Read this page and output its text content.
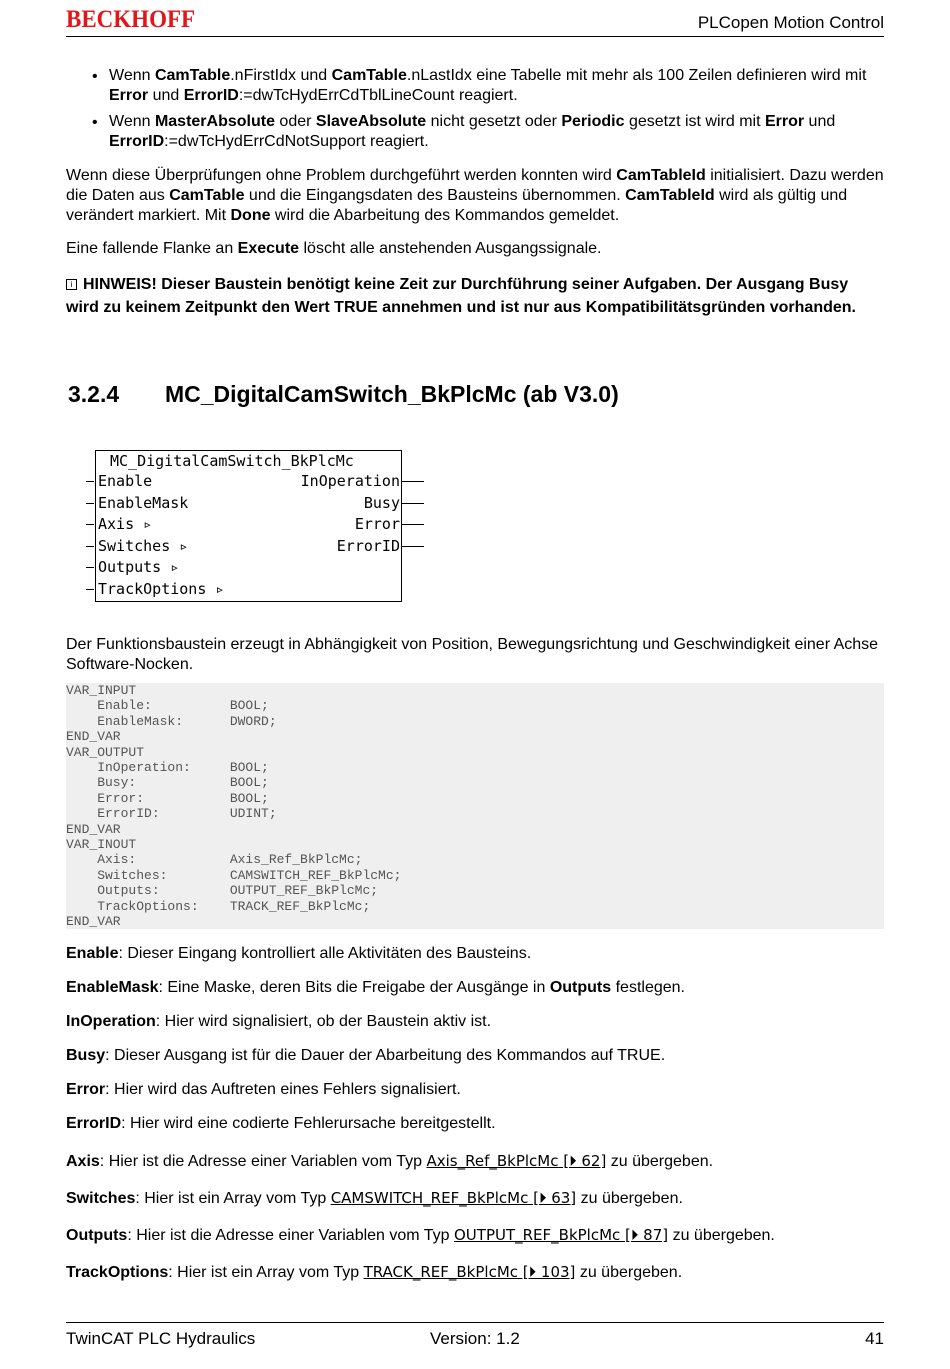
BECKHOFF	PLCopen Motion Control
• Wenn CamTable.nFirstIdx und CamTable.nLastIdx eine Tabelle mit mehr als 100 Zeilen definieren wird mit Error und ErrorID:=dwTcHydErrCdTblLineCount reagiert.
• Wenn MasterAbsolute oder SlaveAbsolute nicht gesetzt oder Periodic gesetzt ist wird mit Error und ErrorID:=dwTcHydErrCdNotSupport reagiert.
Wenn diese Überprüfungen ohne Problem durchgeführt werden konnten wird CamTableId initialisiert. Dazu werden die Daten aus CamTable und die Eingangsdaten des Bausteins übernommen. CamTableId wird als gültig und verändert markiert. Mit Done wird die Abarbeitung des Kommandos gemeldet.
Eine fallende Flanke an Execute löscht alle anstehenden Ausgangssignale.
i HINWEIS! Dieser Baustein benötigt keine Zeit zur Durchführung seiner Aufgaben. Der Ausgang Busy wird zu keinem Zeitpunkt den Wert TRUE annehmen und ist nur aus Kompatibilitätsgründen vorhanden.
3.2.4 MC_DigitalCamSwitch_BkPlcMc (ab V3.0)
MC_DigitalCamSwitch_BkPlcMc
Enable
EnableMask
Axis ▹
Switches ▹
Outputs ▹
TrackOptions ▹
InOperation
Busy
Error
ErrorID
Der Funktionsbaustein erzeugt in Abhängigkeit von Position, Bewegungsrichtung und Geschwindigkeit einer Achse Software-Nocken.
VAR_INPUT
Enable:          BOOL;
EnableMask:      DWORD;
END_VAR
VAR_OUTPUT
InOperation:     BOOL;
Busy:            BOOL;
Error:           BOOL;
ErrorID:         UDINT;
END_VAR
VAR_INOUT
Axis:            Axis_Ref_BkPlcMc;
Switches:        CAMSWITCH_REF_BkPlcMc;
Outputs:         OUTPUT_REF_BkPlcMc;
TrackOptions:    TRACK_REF_BkPlcMc;
END_VAR
Enable: Dieser Eingang kontrolliert alle Aktivitäten des Bausteins.
EnableMask: Eine Maske, deren Bits die Freigabe der Ausgänge in Outputs festlegen.
InOperation: Hier wird signalisiert, ob der Baustein aktiv ist.
Busy: Dieser Ausgang ist für die Dauer der Abarbeitung des Kommandos auf TRUE.
Error: Hier wird das Auftreten eines Fehlers signalisiert.
ErrorID: Hier wird eine codierte Fehlerursache bereitgestellt.
Axis: Hier ist die Adresse einer Variablen vom Typ Axis_Ref_BkPlcMc [⏵ 62] zu übergeben.
Switches: Hier ist ein Array vom Typ CAMSWITCH_REF_BkPlcMc [⏵ 63] zu übergeben.
Outputs: Hier ist die Adresse einer Variablen vom Typ OUTPUT_REF_BkPlcMc [⏵ 87] zu übergeben.
TrackOptions: Hier ist ein Array vom Typ TRACK_REF_BkPlcMc [⏵ 103] zu übergeben.
TwinCAT PLC Hydraulics	Version: 1.2	41
